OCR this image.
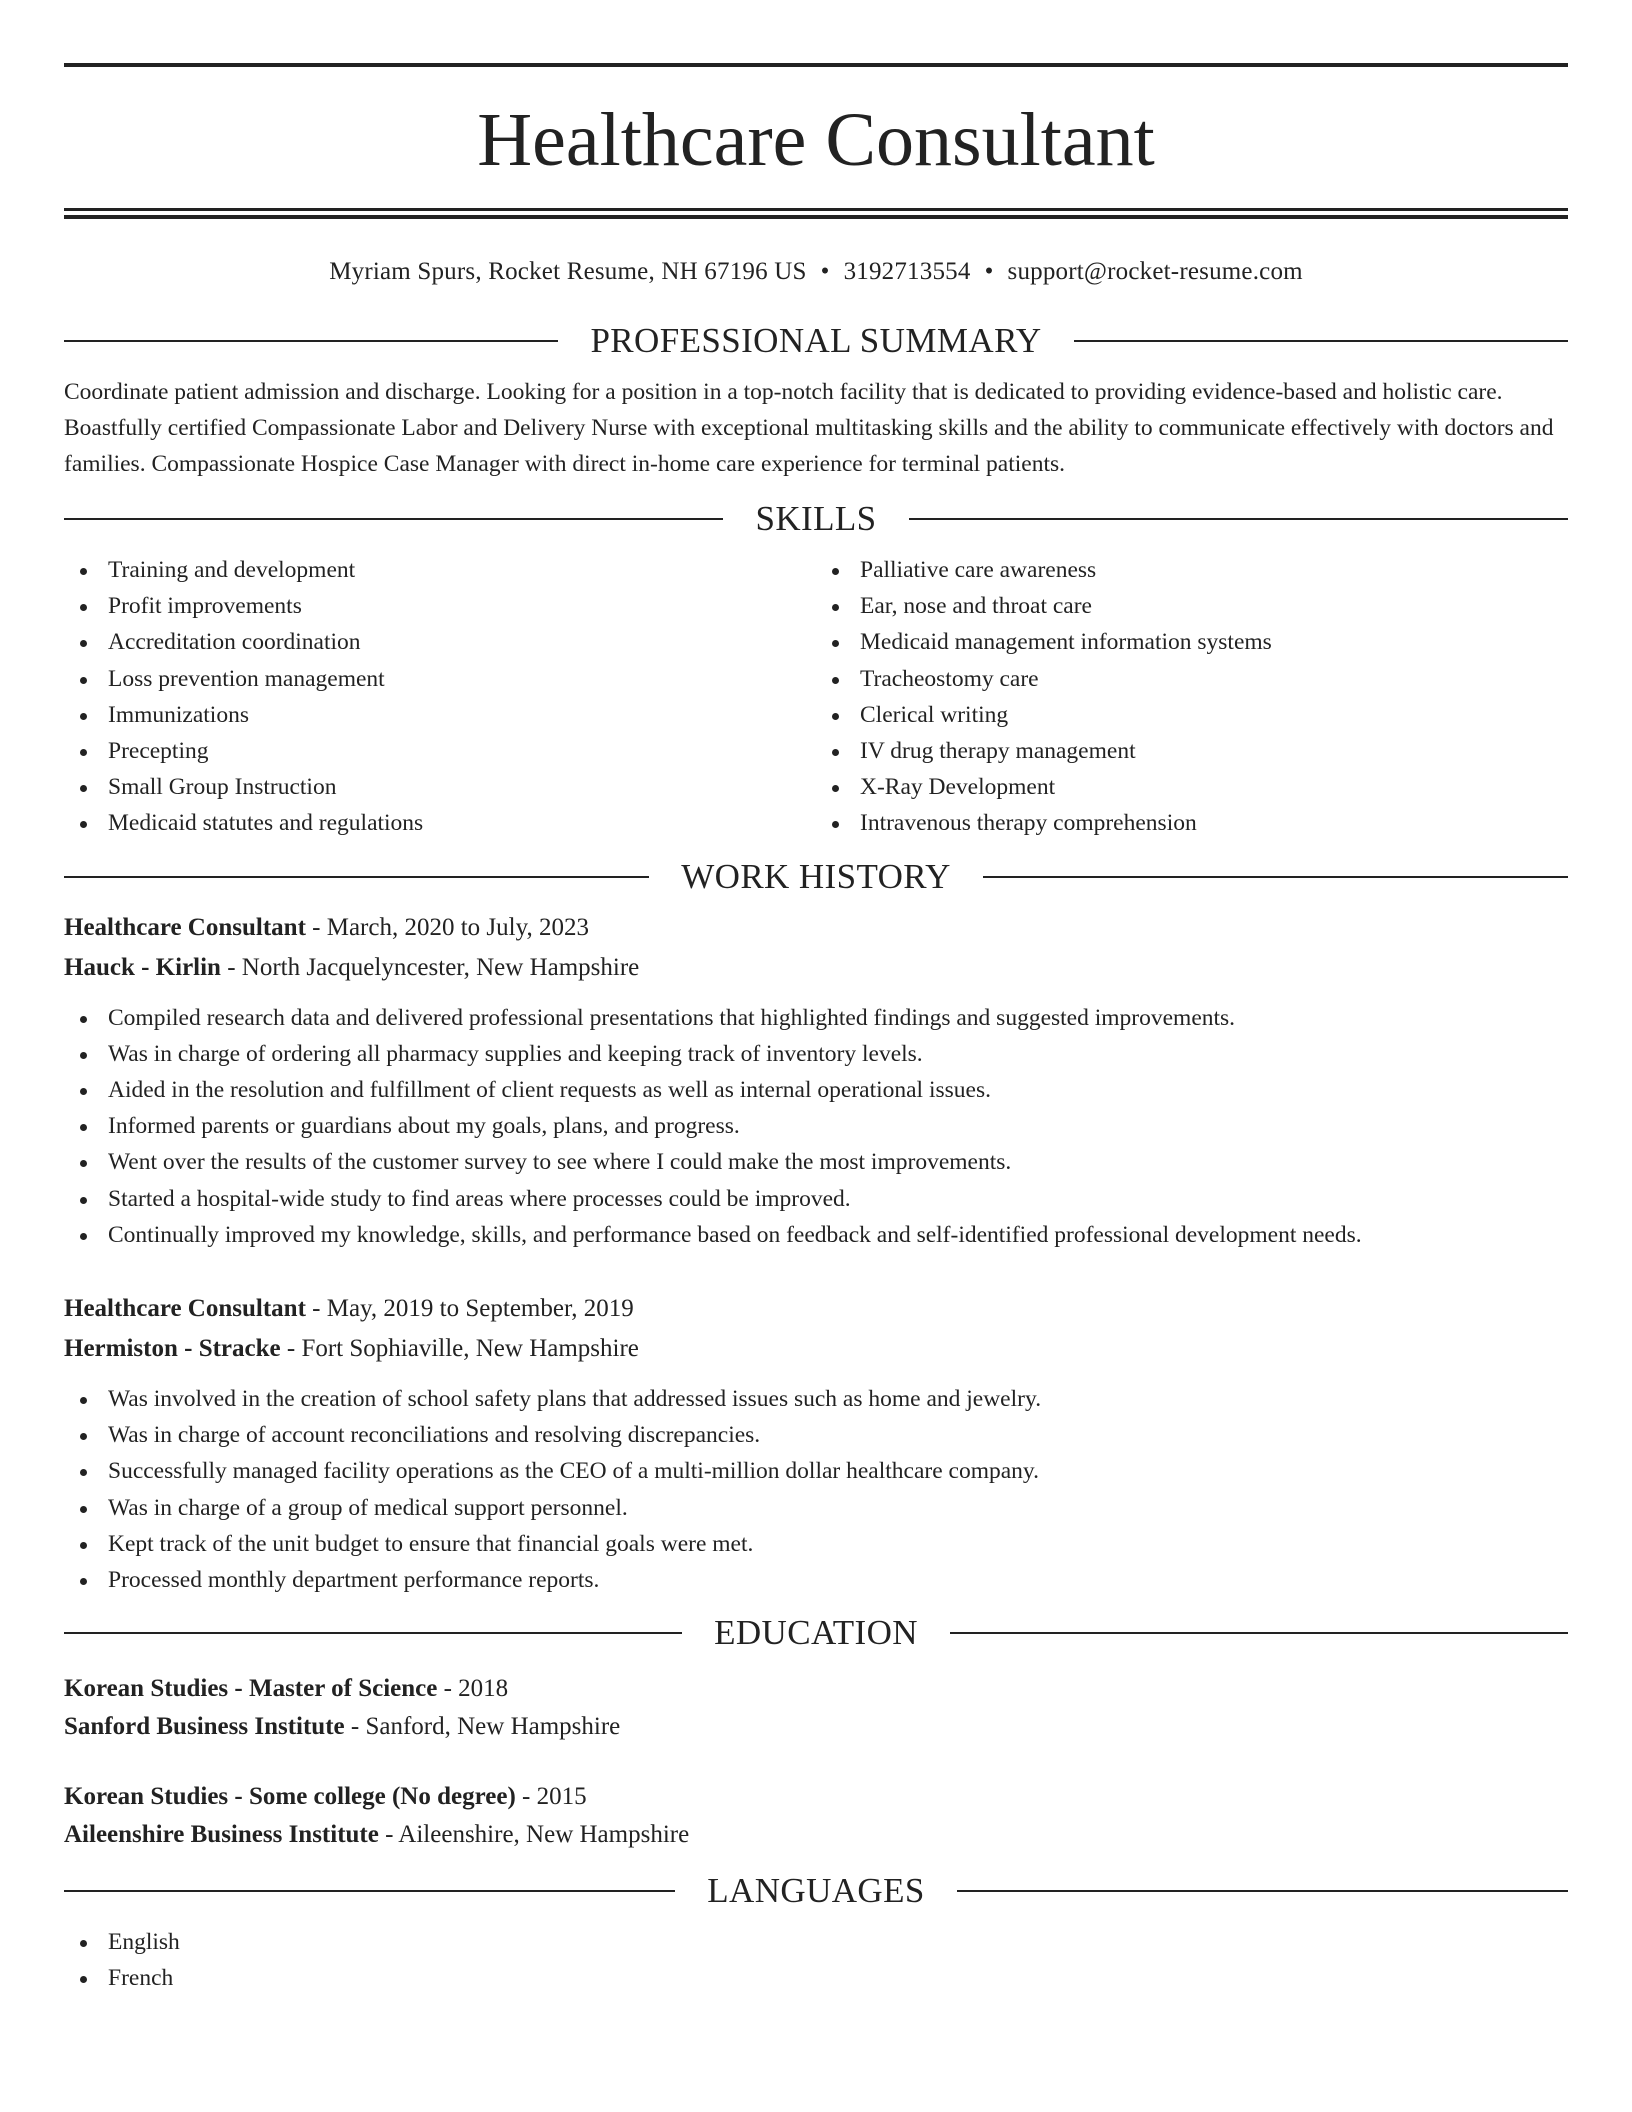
Healthcare Consultant
Myriam Spurs, Rocket Resume, NH 67196 US • 3192713554 • support@rocket-resume.com
PROFESSIONAL SUMMARY

Coordinate patient admission and discharge. Looking for a position in a top-notch facility that is dedicated to providing evidence-based and holistic care. Boastfully certified Compassionate Labor and Delivery Nurse with exceptional multitasking skills and the ability to communicate effectively with doctors and families. Compassionate Hospice Case Manager with direct in-home care experience for terminal patients.

SKILLS
Training and development
Profit improvements
Accreditation coordination
Loss prevention management
Immunizations
Precepting
Small Group Instruction
Medicaid statutes and regulations
Palliative care awareness
Ear, nose and throat care
Medicaid management information systems
Tracheostomy care
Clerical writing
IV drug therapy management
X-Ray Development
Intravenous therapy comprehension
WORK HISTORY
Healthcare Consultant - March, 2020 to July, 2023
Hauck - Kirlin - North Jacquelyncester, New Hampshire
Compiled research data and delivered professional presentations that highlighted findings and suggested improvements.
Was in charge of ordering all pharmacy supplies and keeping track of inventory levels.
Aided in the resolution and fulfillment of client requests as well as internal operational issues.
Informed parents or guardians about my goals, plans, and progress.
Went over the results of the customer survey to see where I could make the most improvements.
Started a hospital-wide study to find areas where processes could be improved.
Continually improved my knowledge, skills, and performance based on feedback and self-identified professional development needs.
Healthcare Consultant - May, 2019 to September, 2019
Hermiston - Stracke - Fort Sophiaville, New Hampshire
Was involved in the creation of school safety plans that addressed issues such as home and jewelry.
Was in charge of account reconciliations and resolving discrepancies.
Successfully managed facility operations as the CEO of a multi-million dollar healthcare company.
Was in charge of a group of medical support personnel.
Kept track of the unit budget to ensure that financial goals were met.
Processed monthly department performance reports.
EDUCATION
Korean Studies - Master of Science - 2018
Sanford Business Institute - Sanford, New Hampshire
Korean Studies - Some college (No degree) - 2015
Aileenshire Business Institute - Aileenshire, New Hampshire
LANGUAGES
English
French
